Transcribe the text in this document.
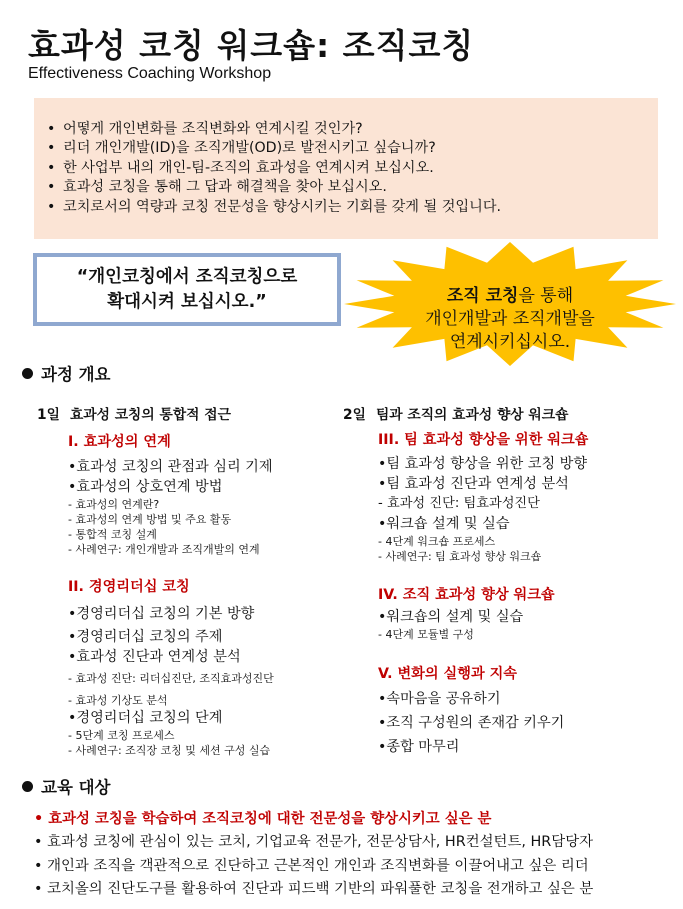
효과성 코칭 워크숍: 조직코칭
Effectiveness Coaching Workshop
• 어떻게 개인변화를 조직변화와 연계시킬 것인가?
• 리더 개인개발(ID)을 조직개발(OD)로 발전시키고 싶습니까?
• 한 사업부 내의 개인-팀-조직의 효과성을 연계시켜 보십시오.
• 효과성 코칭을 통해 그 답과 해결책을 찾아 보십시오.
• 코치로서의 역량과 코칭 전문성을 향상시키는 기회를 갖게 될 것입니다.
“개인코칭에서 조직코칭으로
확대시켜 보십시오.”	조직 코칭을 통해
개인개발과 조직개발을
연계시키십시오.
과정 개요
1일 효과성 코칭의 통합적 접근	2일 팀과 조직의 효과성 향상 워크숍
I. 효과성의 연계
•효과성 코칭의 관점과 심리 기제
•효과성의 상호연계 방법
- 효과성의 연계란?
- 효과성의 연계 방법 및 주요 활동
- 통합적 코칭 설계
- 사례연구: 개인개발과 조직개발의 연계
II. 경영리더십 코칭
•경영리더십 코칭의 기본 방향
•경영리더십 코칭의 주제
•효과성 진단과 연계성 분석
- 효과성 진단: 리더십진단, 조직효과성진단
- 효과성 기상도 분석
•경영리더십 코칭의 단계
- 5단계 코칭 프로세스
- 사례연구: 조직장 코칭 및 세션 구성 실습
III. 팀 효과성 향상을 위한 워크숍
•팀 효과성 향상을 위한 코칭 방향
•팀 효과성 진단과 연계성 분석
- 효과성 진단: 팀효과성진단
•워크숍 설계 및 실습
- 4단계 워크숍 프로세스
- 사례연구: 팀 효과성 향상 워크숍
IV. 조직 효과성 향상 워크숍
•워크숍의 설계 및 실습
- 4단계 모듈별 구성
V. 변화의 실행과 지속
•속마음을 공유하기
•조직 구성원의 존재감 키우기
•종합 마무리
교육 대상
• 효과성 코칭을 학습하여 조직코칭에 대한 전문성을 향상시키고 싶은 분
• 효과성 코칭에 관심이 있는 코치, 기업교육 전문가, 전문상담사, HR컨설턴트, HR담당자
• 개인과 조직을 객관적으로 진단하고 근본적인 개인과 조직변화를 이끌어내고 싶은 리더
• 코치올의 진단도구를 활용하여 진단과 피드백 기반의 파워풀한 코칭을 전개하고 싶은 분
